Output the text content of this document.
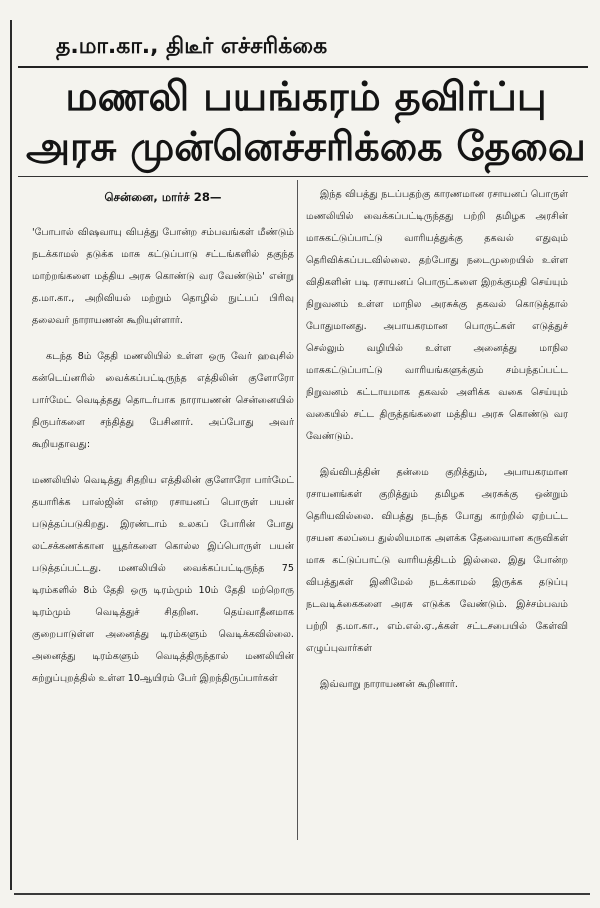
த.மா.கா., திடீர் எச்சரிக்கை
மணலி பயங்கரம் தவிர்ப்பு
அரசு முன்னெச்சரிக்கை தேவை
சென்னை, மார்ச் 28—

'போபால் விஷவாயு விபத்து போன்ற சம்பவங்கள் மீண்டும் நடக்காமல் தடுக்க மாசு கட்டுப்பாடு சட்டங்களில் தகுந்த மாற்றங்களை மத்திய அரசு கொண்டு வர வேண்டும்' என்று த.மா.கா., அறிவியல் மற்றும் தொழில் நுட்பப் பிரிவு தலைவர் நாராயணன் கூறியுள்ளார்.

கடந்த 8ம் தேதி மணலியில் உள்ள ஒரு வேர் ஹவுசில் கன்டெய்னரில் வைக்கப்பட்டிருந்த எத்திலின் குளோரோ பார்மேட் வெடித்தது தொடர்பாக நாராயணன் சென்னையில் நிருபர்களை சந்தித்து பேசினார். அப்போது அவர் கூறியதாவது:

மணலியில் வெடித்து சிதறிய எத்திலின் குளோரோ பார்மேட் தயாரிக்க பாஸ்ஜின் என்ற ரசாயனப் பொருள் பயன் படுத்தப்படுகிறது. இரண்டாம் உலகப் போரின் போது லட்சக்கணக்கான யூதர்களை கொல்ல இப்பொருள் பயன் படுத்தப்பட்டது. மணலியில் வைக்கப்பட்டிருந்த 75 டிரம்களில் 8ம் தேதி ஒரு டிரம்மும் 10ம் தேதி மற்றொரு டிரம்மும் வெடித்துச் சிதறின. தெய்வாதீனமாக குறைபாடுள்ள அனைத்து டிரம்களும் வெடிக்கவில்லை. அனைத்து டிரம்களும் வெடித்திருந்தால் மணலியின் சுற்றுப்புறத்தில் உள்ள 10ஆயிரம் பேர் இறந்திருப்பார்கள்

இந்த விபத்து நடப்பதற்கு காரணமான ரசாயனப் பொருள் மணலியில் வைக்கப்பட்டிருந்தது பற்றி தமிழக அரசின் மாசுகட்டுப்பாட்டு வாரியத்துக்கு தகவல் எதுவும் தெரிவிக்கப்படவில்லை. தற்போது நடைமுறையில் உள்ள விதிகளின் படி ரசாயனப் பொருட்களை இறக்குமதி செய்யும் நிறுவனம் உள்ள மாநில அரசுக்கு தகவல் கொடுத்தால் போதுமானது. அபாயகரமான பொருட்கள் எடுத்துச் செல்லும் வழியில் உள்ள அனைத்து மாநில மாசுகட்டுப்பாட்டு வாரியங்களுக்கும் சம்பந்தப்பட்ட நிறுவனம் கட்டாயமாக தகவல் அளிக்க வகை செய்யும் வகையில் சட்ட திருத்தங்களை மத்திய அரசு கொண்டு வர வேண்டும்.

இவ்விபத்தின் தன்மை குறித்தும், அபாயகரமான ரசாயனங்கள் குறித்தும் தமிழக அரசுக்கு ஒன்றும் தெரியவில்லை. விபத்து நடந்த போது காற்றில் ஏற்பட்ட ரசயன கலப்பை துல்லியமாக அளக்க தேவையான கருவிகள் மாசு கட்டுப்பாட்டு வாரியத்திடம் இல்லை. இது போன்ற விபத்துகள் இனிமேல் நடக்காமல் இருக்க தடுப்பு நடவடிக்கைகளை அரசு எடுக்க வேண்டும். இச்சம்பவம் பற்றி த.மா.கா., எம்.எல்.ஏ.,க்கள் சட்டசபையில் கேள்வி எழுப்புவார்கள்

இவ்வாறு நாராயணன் கூறினார்.
